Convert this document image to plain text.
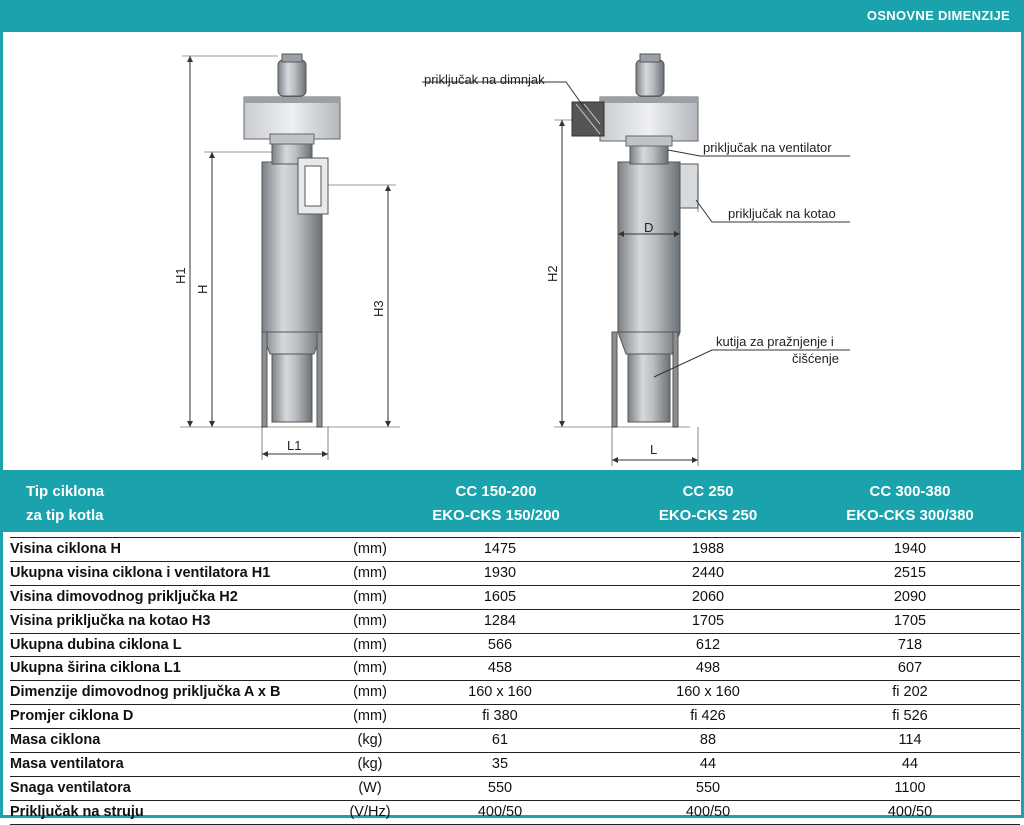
OSNOVNE DIMENZIJE
H1
H
H3
L1
H2
D
L
priključak na dimnjak
priključak na ventilator
priključak na kotao
kutija za pražnjenje i
čišćenje
Tip ciklona
za tip kotla
CC 150-200
EKO-CKS 150/200
CC 250
EKO-CKS 250
CC 300-380
EKO-CKS 300/380
Visina ciklona H	(mm)	1475	1988	1940
Ukupna visina ciklona i ventilatora H1	(mm)	1930	2440	2515
Visina dimovodnog priključka H2	(mm)	1605	2060	2090
Visina priključka na kotao H3	(mm)	1284	1705	1705
Ukupna dubina ciklona L	(mm)	566	612	718
Ukupna širina ciklona L1	(mm)	458	498	607
Dimenzije dimovodnog priključka A x B	(mm)	160 x 160	160 x 160	fi 202
Promjer ciklona D	(mm)	fi 380	fi 426	fi 526
Masa ciklona	(kg)	61	88	114
Masa ventilatora	(kg)	35	44	44
Snaga ventilatora	(W)	550	550	1100
Priključak na struju	(V/Hz)	400/50	400/50	400/50
